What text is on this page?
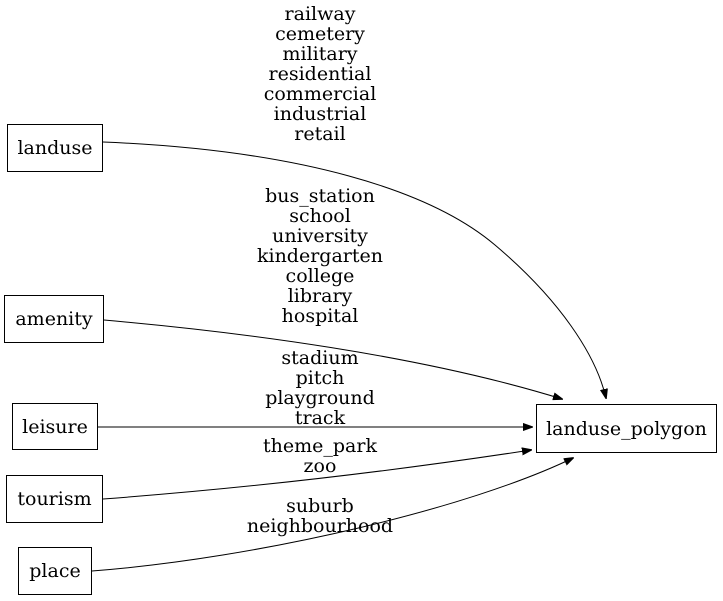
landuse
amenity
leisure
tourism
place
landuse_polygon
railway
cemetery
military
residential
commercial
industrial
retail
bus_station
school
university
kindergarten
college
library
hospital
stadium
pitch
playground
track
theme_park
zoo
suburb
neighbourhood
